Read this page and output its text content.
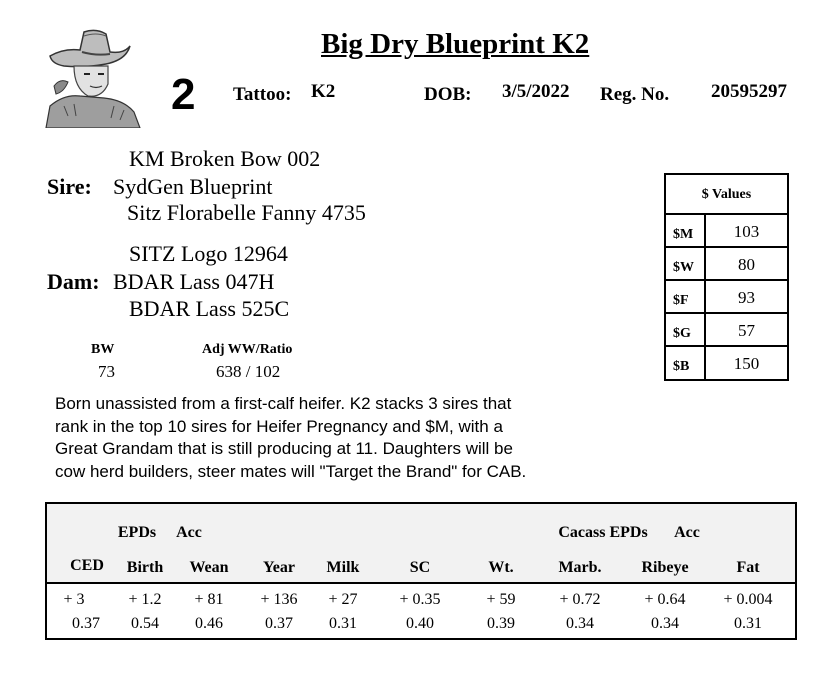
Big Dry Blueprint K2
2 Tattoo: K2	DOB: 3/5/2022 Reg. No. 20595297
KM Broken Bow 002
Sire: SydGen Blueprint
Sitz Florabelle Fanny 4735
SITZ Logo 12964
Dam: BDAR Lass 047H
BDAR Lass 525C
BW
73
Adj WW/Ratio
638 / 102
Born unassisted from a first-calf heifer. K2 stacks 3 sires that rank in the top 10 sires for Heifer Pregnancy and $M, with a Great Grandam that is still producing at 11. Daughters will be cow herd builders, steer mates will "Target the Brand" for CAB.
$ Values
$M	103
$W	80
$F	93
$G	57
$B	150
EPDs	Acc	Cacass EPDs	Acc
CED	Birth	Wean	Year	Milk	SC	Wt.	Marb.	Ribeye	Fat
+ 3	+ 1.2	+ 81	+ 136	+ 27	+ 0.35	+ 59	+ 0.72	+ 0.64	+ 0.004
0.37	0.54	0.46	0.37	0.31	0.40	0.39	0.34	0.34	0.31
